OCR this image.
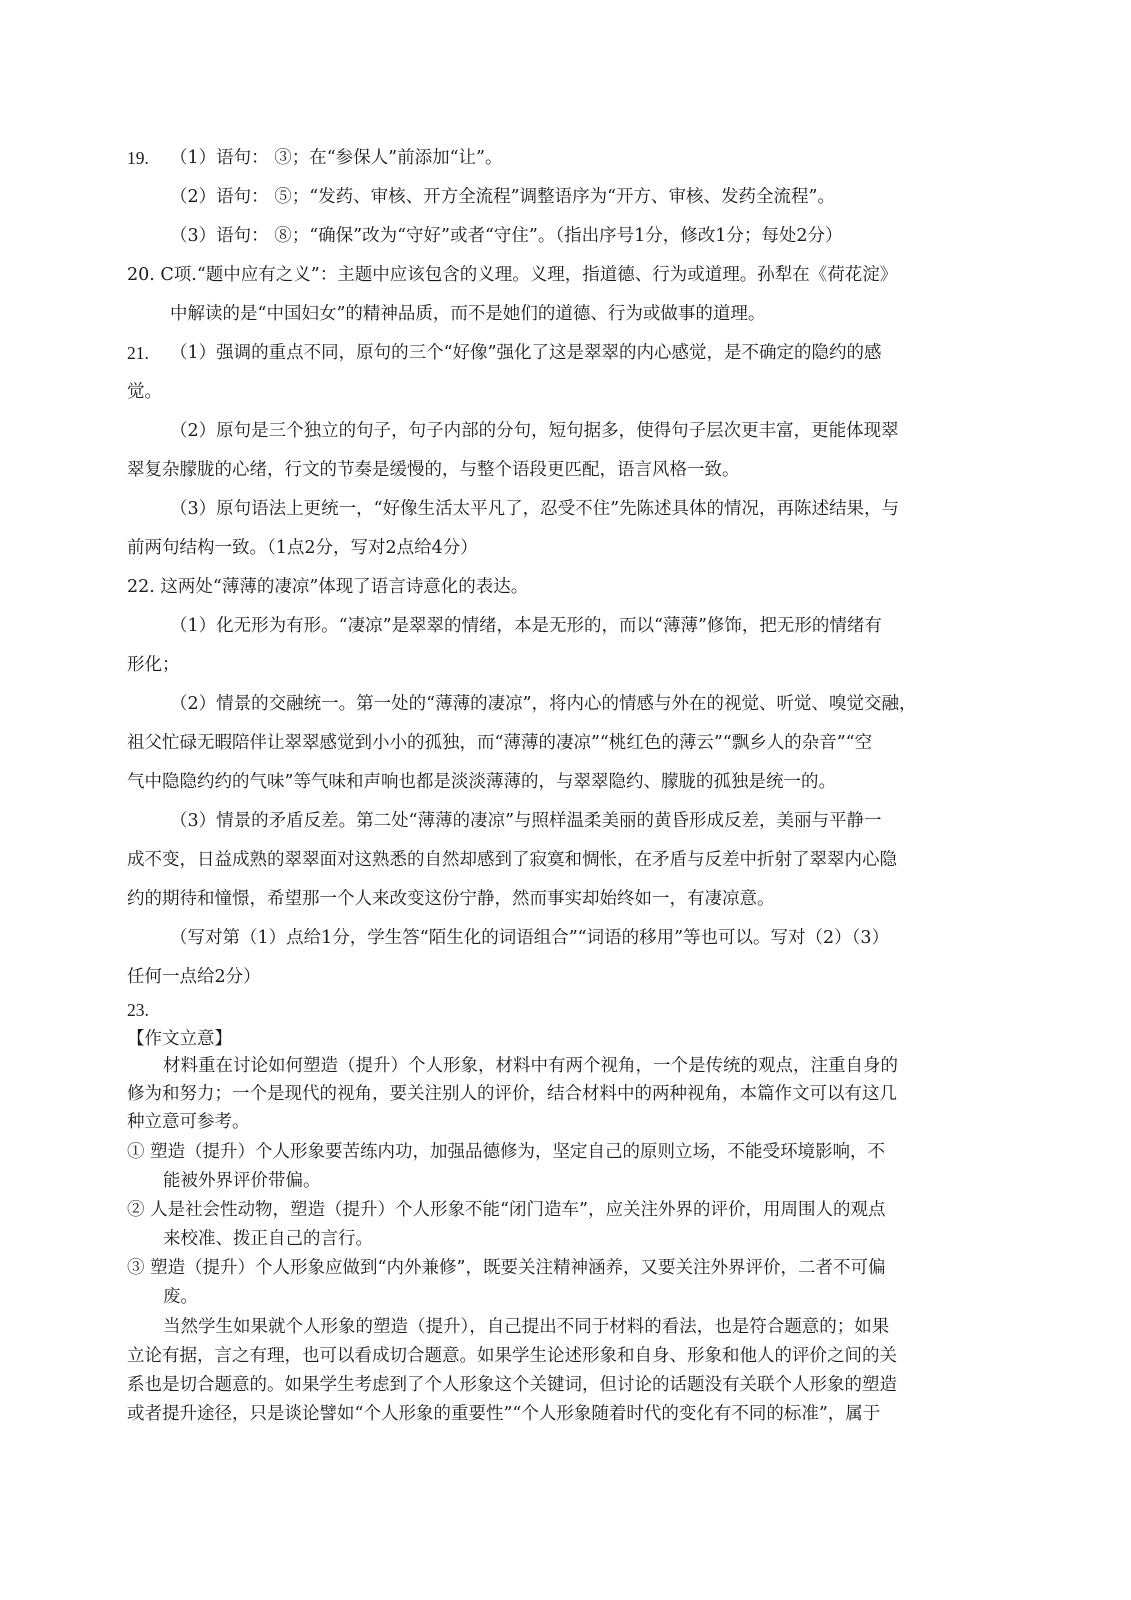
19. （1）语句： ③；在“参保人”前添加“让”。
（2）语句： ⑤；“发药、审核、开方全流程”调整语序为“开方、审核、发药全流程”。
（3）语句： ⑧；“确保”改为“守好”或者“守住”。（指出序号1分，修改1分；每处2分）
20. C项.“题中应有之义”：主题中应该包含的义理。义理，指道德、行为或道理。孙犁在《荷花淀》
中解读的是“中国妇女”的精神品质，而不是她们的道德、行为或做事的道理。
21. （1）强调的重点不同，原句的三个“好像”强化了这是翠翠的内心感觉，是不确定的隐约的感
觉。
（2）原句是三个独立的句子，句子内部的分句，短句据多，使得句子层次更丰富，更能体现翠
翠复杂朦胧的心绪，行文的节奏是缓慢的，与整个语段更匹配，语言风格一致。
（3）原句语法上更统一，“好像生活太平凡了，忍受不住”先陈述具体的情况，再陈述结果，与
前两句结构一致。（1点2分，写对2点给4分）
22. 这两处“薄薄的凄凉”体现了语言诗意化的表达。
（1）化无形为有形。“凄凉”是翠翠的情绪，本是无形的，而以“薄薄”修饰，把无形的情绪有
形化；
（2）情景的交融统一。第一处的“薄薄的凄凉”，将内心的情感与外在的视觉、听觉、嗅觉交融，
祖父忙碌无暇陪伴让翠翠感觉到小小的孤独，而“薄薄的凄凉”“桃红色的薄云”“飘乡人的杂音”“空
气中隐隐约约的气味”等气味和声响也都是淡淡薄薄的，与翠翠隐约、朦胧的孤独是统一的。
（3）情景的矛盾反差。第二处“薄薄的凄凉”与照样温柔美丽的黄昏形成反差，美丽与平静一
成不变，日益成熟的翠翠面对这熟悉的自然却感到了寂寞和惆怅，在矛盾与反差中折射了翠翠内心隐
约的期待和憧憬，希望那一个人来改变这份宁静，然而事实却始终如一，有凄凉意。
（写对第（1）点给1分，学生答“陌生化的词语组合”“词语的移用”等也可以。写对（2）（3）
任何一点给2分）
23.
【作文立意】
材料重在讨论如何塑造（提升）个人形象，材料中有两个视角，一个是传统的观点，注重自身的
修为和努力；一个是现代的视角，要关注别人的评价，结合材料中的两种视角，本篇作文可以有这几
种立意可参考。
① 塑造（提升）个人形象要苦练内功，加强品德修为，坚定自己的原则立场，不能受环境影响，不
能被外界评价带偏。
② 人是社会性动物，塑造（提升）个人形象不能“闭门造车”，应关注外界的评价，用周围人的观点
来校准、拨正自己的言行。
③ 塑造（提升）个人形象应做到“内外兼修”，既要关注精神涵养，又要关注外界评价，二者不可偏
废。
当然学生如果就个人形象的塑造（提升），自己提出不同于材料的看法，也是符合题意的；如果
立论有据，言之有理，也可以看成切合题意。如果学生论述形象和自身、形象和他人的评价之间的关
系也是切合题意的。如果学生考虑到了个人形象这个关键词，但讨论的话题没有关联个人形象的塑造
或者提升途径，只是谈论譬如“个人形象的重要性”“个人形象随着时代的变化有不同的标准”，属于
